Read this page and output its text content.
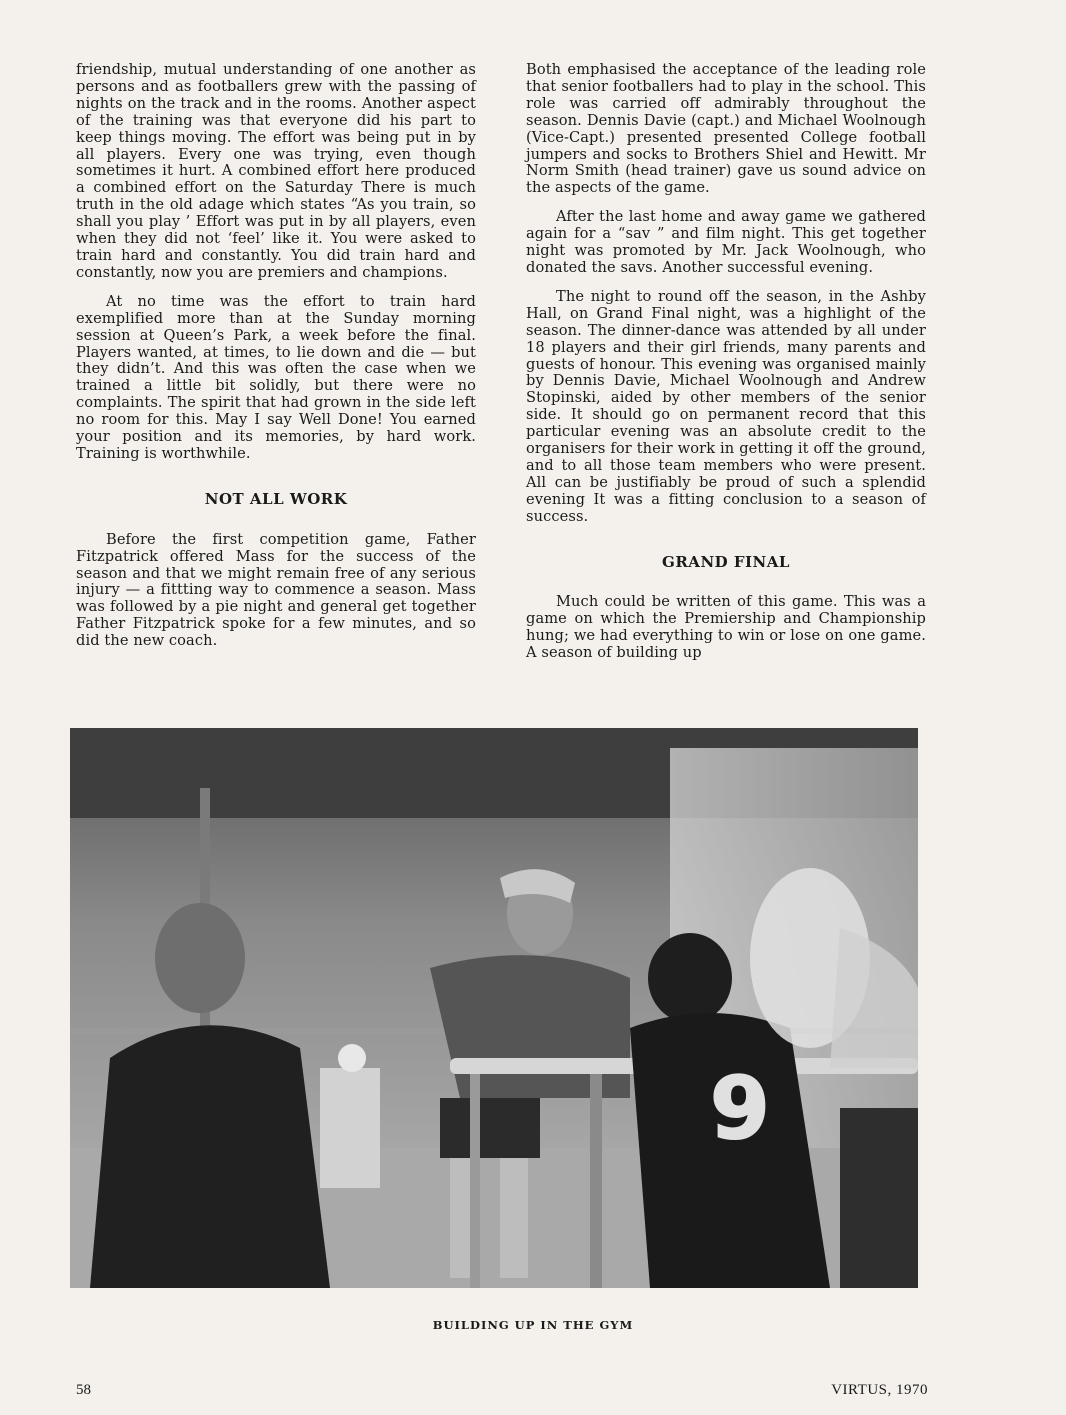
friendship, mutual understanding of one another as persons and as footballers grew with the passing of nights on the track and in the rooms. Another aspect of the training was that everyone did his part to keep things moving. The effort was being put in by all players. Every one was trying, even though sometimes it hurt. A combined effort here produced a combined effort on the Saturday There is much truth in the old adage which states “As you train, so shall you play ’ Effort was put in by all players, even when they did not ‘feel’ like it. You were asked to train hard and constantly. You did train hard and constantly, now you are premiers and champions.

At no time was the effort to train hard exemplified more than at the Sunday morning session at Queen’s Park, a week before the final. Players wanted, at times, to lie down and die — but they didn’t. And this was often the case when we trained a little bit solidly, but there were no complaints. The spirit that had grown in the side left no room for this. May I say Well Done! You earned your position and its memories, by hard work. Training is worthwhile.

NOT ALL WORK

Before the first competition game, Father Fitzpatrick offered Mass for the success of the season and that we might remain free of any serious injury — a fittting way to commence a season. Mass was followed by a pie night and general get together Father Fitzpatrick spoke for a few minutes, and so did the new coach.

Both emphasised the acceptance of the leading role that senior footballers had to play in the school. This role was carried off admirably throughout the season. Dennis Davie (capt.) and Michael Woolnough (Vice-Capt.) presented presented College football jumpers and socks to Brothers Shiel and Hewitt. Mr Norm Smith (head trainer) gave us sound advice on the aspects of the game.

After the last home and away game we gathered again for a “sav ” and film night. This get together night was promoted by Mr. Jack Woolnough, who donated the savs. Another successful evening.

The night to round off the season, in the Ashby Hall, on Grand Final night, was a highlight of the season. The dinner-dance was attended by all under 18 players and their girl friends, many parents and guests of honour. This evening was organised mainly by Dennis Davie, Michael Woolnough and Andrew Stopinski, aided by other members of the senior side. It should go on permanent record that this particular evening was an absolute credit to the organisers for their work in getting it off the ground, and to all those team members who were present. All can be justifiably be proud of such a splendid evening It was a fitting conclusion to a season of success.

GRAND FINAL

Much could be written of this game. This was a game on which the Premiership and Championship hung; we had everything to win or lose on one game. A season of building up

9
BUILDING UP IN THE GYM
58	VIRTUS, 1970
